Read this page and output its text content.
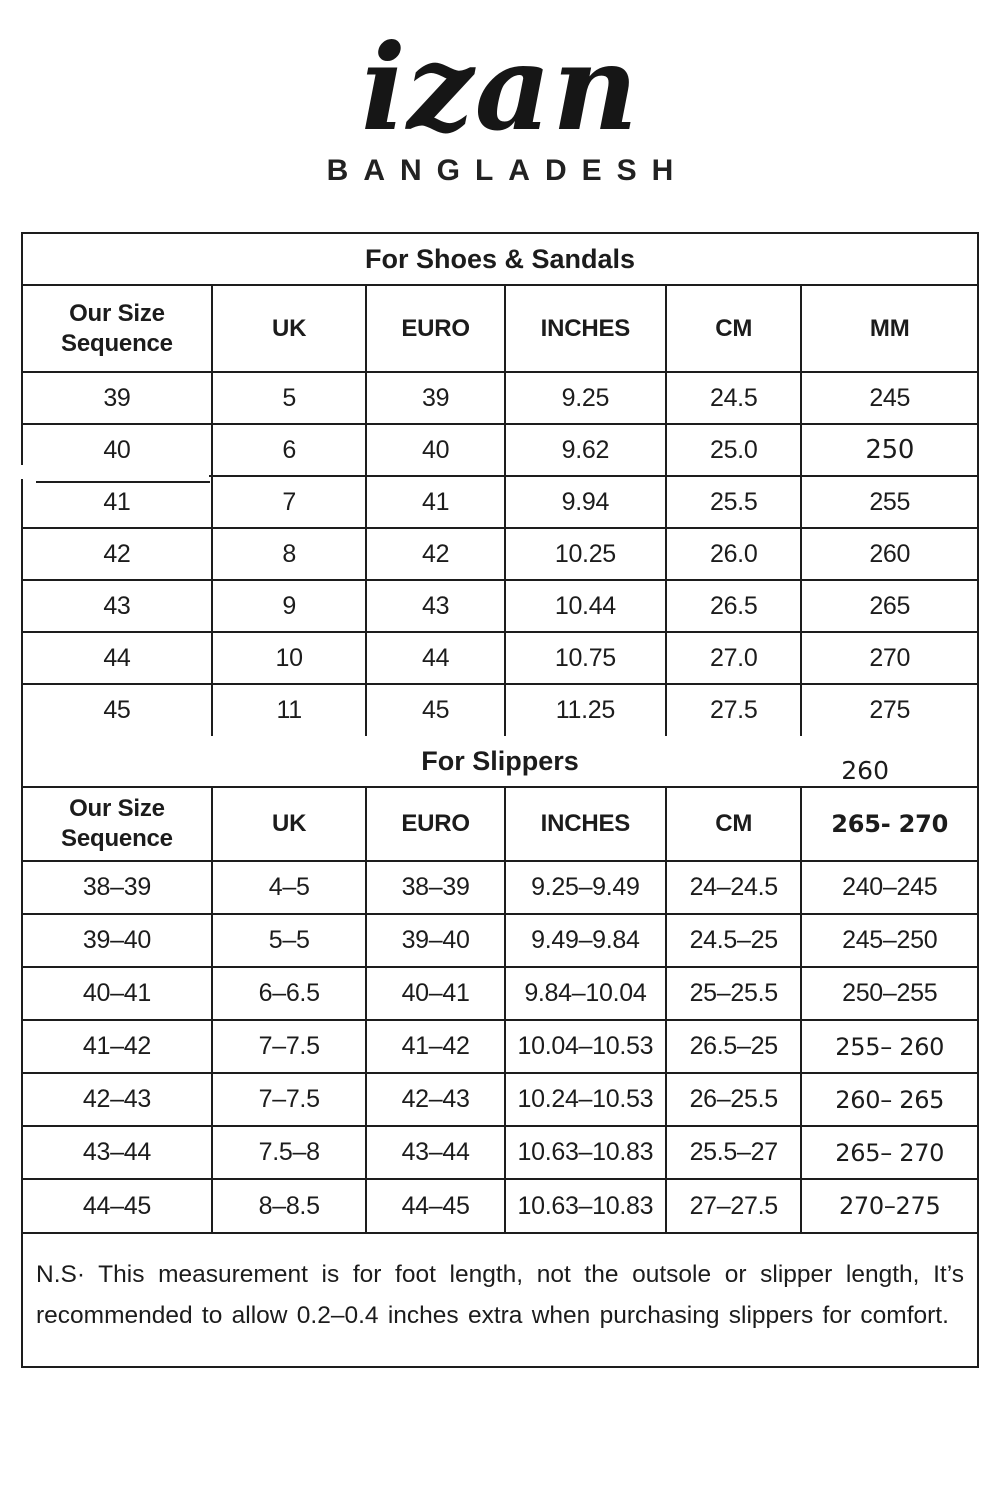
izan
BANGLADESH
For Shoes & Sandals
Our Size Sequence	UK	EURO	INCHES	CM	MM
39	5	39	9.25	24.5	245
40	6	40	9.62	25.0	250
41	7	41	9.94	25.5	255
42	8	42	10.25	26.0	260
43	9	43	10.44	26.5	265
44	10	44	10.75	27.0	270
45	11	45	11.25	27.5	275
For Slippers	260
Our Size Sequence	UK	EURO	INCHES	CM	265- 270
38–39	4–5	38–39	9.25–9.49	24–24.5	240–245
39–40	5–5	39–40	9.49–9.84	24.5–25	245–250
40–41	6–6.5	40–41	9.84–10.04	25–25.5	250–255
41–42	7–7.5	41–42	10.04–10.53	26.5–25	255– 260
42–43	7–7.5	42–43	10.24–10.53	26–25.5	260– 265
43–44	7.5–8	43–44	10.63–10.83	25.5–27	265– 270
44–45	8–8.5	44–45	10.63–10.83	27–27.5	270–275
N.S· This measurement is for foot length, not the outsole or slipper length, It’s
recommended to allow 0.2–0.4 inches extra when purchasing slippers for comfort.
